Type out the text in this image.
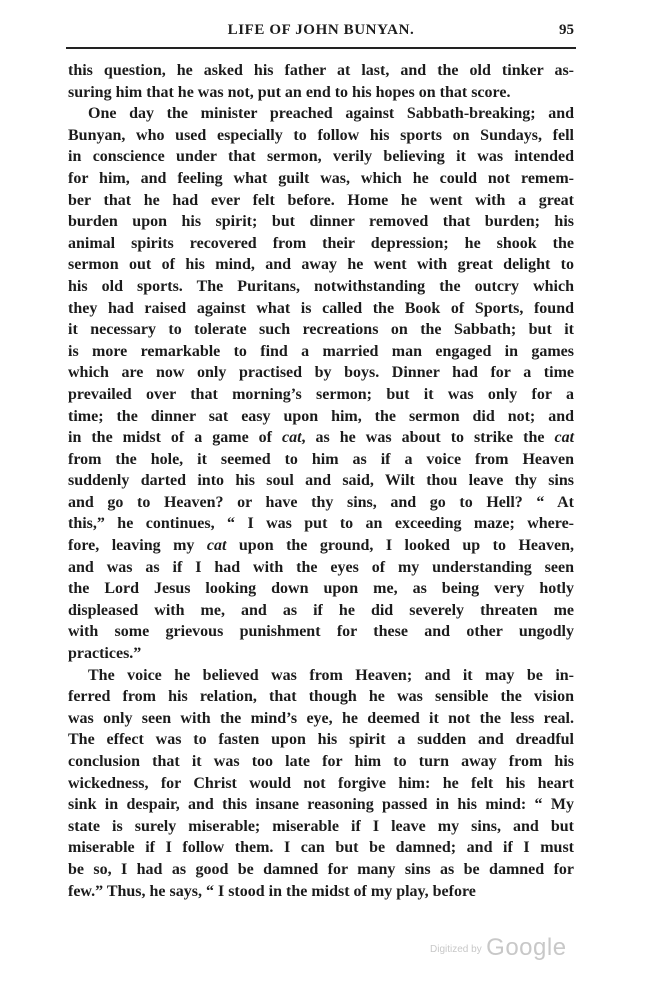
LIFE OF JOHN BUNYAN.	95

this question, he asked his father at last, and the old tinker as-
suring him that he was not, put an end to his hopes on that score.

One day the minister preached against Sabbath-breaking; and
Bunyan, who used especially to follow his sports on Sundays, fell
in conscience under that sermon, verily believing it was intended
for him, and feeling what guilt was, which he could not remem-
ber that he had ever felt before. Home he went with a great
burden upon his spirit; but dinner removed that burden; his
animal spirits recovered from their depression; he shook the
sermon out of his mind, and away he went with great delight to
his old sports. The Puritans, notwithstanding the outcry which
they had raised against what is called the Book of Sports, found
it necessary to tolerate such recreations on the Sabbath; but it
is more remarkable to find a married man engaged in games
which are now only practised by boys. Dinner had for a time
prevailed over that morning’s sermon; but it was only for a
time; the dinner sat easy upon him, the sermon did not; and
in the midst of a game of cat, as he was about to strike the cat
from the hole, it seemed to him as if a voice from Heaven
suddenly darted into his soul and said, Wilt thou leave thy sins
and go to Heaven? or have thy sins, and go to Hell? “ At
this,” he continues, “ I was put to an exceeding maze; where-
fore, leaving my cat upon the ground, I looked up to Heaven,
and was as if I had with the eyes of my understanding seen
the Lord Jesus looking down upon me, as being very hotly
displeased with me, and as if he did severely threaten me
with some grievous punishment for these and other ungodly
practices.”

The voice he believed was from Heaven; and it may be in-
ferred from his relation, that though he was sensible the vision
was only seen with the mind’s eye, he deemed it not the less real.
The effect was to fasten upon his spirit a sudden and dreadful
conclusion that it was too late for him to turn away from his
wickedness, for Christ would not forgive him: he felt his heart
sink in despair, and this insane reasoning passed in his mind: “ My
state is surely miserable; miserable if I leave my sins, and but
miserable if I follow them. I can but be damned; and if I must
be so, I had as good be damned for many sins as be damned for
few.” Thus, he says, “ I stood in the midst of my play, before

Digitized by Google
